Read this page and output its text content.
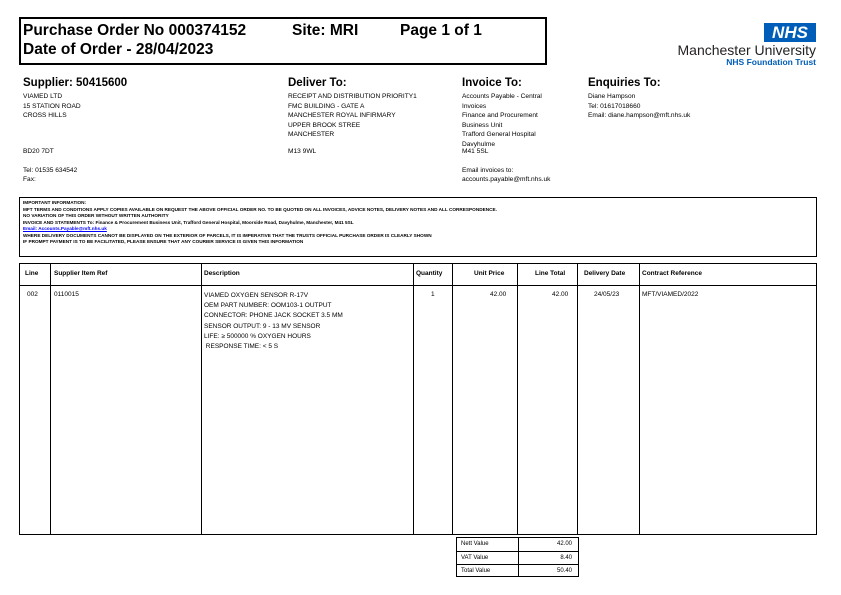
Purchase Order No 000374152	Site: MRI	Page 1 of 1
Date of Order - 28/04/2023
NHS
Manchester University
NHS Foundation Trust
Supplier: 50415600
VIAMED LTD
15 STATION ROAD
CROSS HILLS
BD20 7DT
Tel: 01535 634542
Fax:
Deliver To:
RECEIPT AND DISTRIBUTION PRIORITY1
FMC BUILDING - GATE A
MANCHESTER ROYAL INFIRMARY
UPPER BROOK STREE
MANCHESTER
M13 9WL
Invoice To:
Accounts Payable - Central
Invoices
Finance and Procurement
Business Unit
Trafford General Hospital
Davyhulme
M41 5SL
Email invoices to:
accounts.payable@mft.nhs.uk
Enquiries To:
Diane Hampson
Tel: 01617018660
Email: diane.hampson@mft.nhs.uk
IMPORTANT INFORMATION:
MFT TERMS AND CONDITIONS APPLY COPIES AVAILABLE ON REQUEST THE ABOVE OFFICIAL ORDER NO. TO BE QUOTED ON ALL INVOICES, ADVICE NOTES, DELIVERY NOTES AND ALL CORRESPONDENCE.
NO VARIATION OF THIS ORDER WITHOUT WRITTEN AUTHORITY
INVOICE AND STATEMENTS To: Finance & Procurement Business Unit, Trafford General Hospital, Moorside Road, Davyhulme, Manchester, M41 5SL
Email: Accounts.Payable@mft.nhs.uk
WHERE DELIVERY DOCUMENTS CANNOT BE DISPLAYED ON THE EXTERIOR OF PARCELS, IT IS IMPERATIVE THAT THE TRUSTS OFFICIAL PURCHASE ORDER IS CLEARLY SHOWN
IF PROMPT PAYMENT IS TO BE FACILITATED, PLEASE ENSURE THAT ANY COURIER SERVICE IS GIVEN THIS INFORMATION
Line Supplier Item Ref	Description	Quantity	Unit Price	Line Total	Delivery Date	Contract Reference
002 0110015	VIAMED OXYGEN SENSOR R-17V
OEM PART NUMBER: OOM103-1 OUTPUT
CONNECTOR: PHONE JACK SOCKET 3.5 MM
SENSOR OUTPUT: 9 - 13 MV SENSOR
LIFE: ≥ 500000 % OXYGEN HOURS
RESPONSE TIME: < 5 S
1	42.00	42.00	24/05/23	MFT/VIAMED/2022
Nett Value	42.00
VAT Value	8.40
Total Value	50.40
